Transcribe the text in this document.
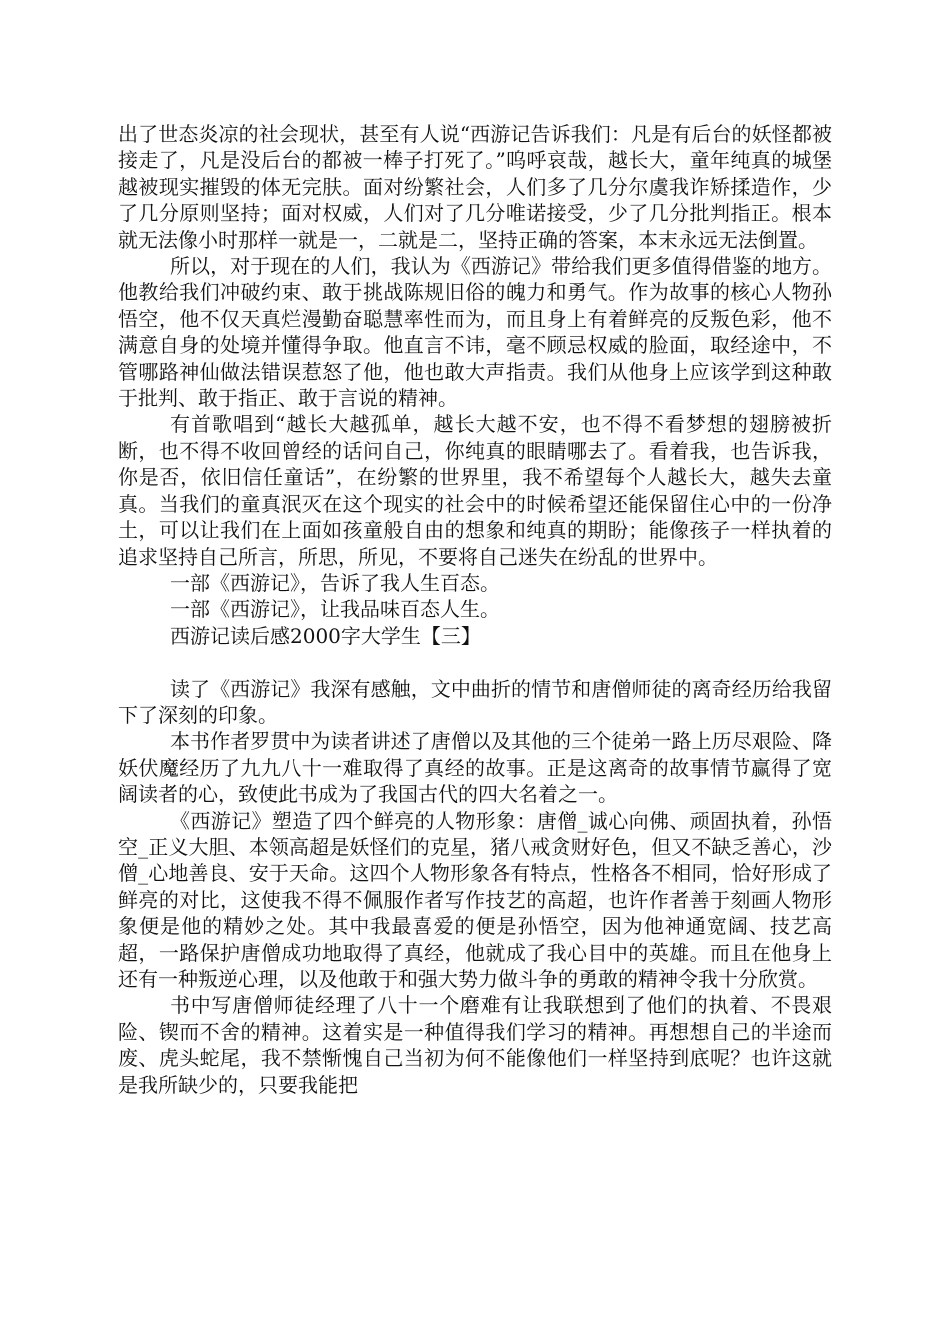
出了世态炎凉的社会现状，甚至有人说“西游记告诉我们：凡是有后台的妖怪都被接走了，凡是没后台的都被一棒子打死了。”呜呼哀哉，越长大，童年纯真的城堡越被现实摧毁的体无完肤。面对纷繁社会，人们多了几分尔虞我诈矫揉造作，少了几分原则坚持；面对权威，人们对了几分唯诺接受，少了几分批判指正。根本就无法像小时那样一就是一，二就是二，坚持正确的答案，本末永远无法倒置。

所以，对于现在的人们，我认为《西游记》带给我们更多值得借鉴的地方。他教给我们冲破约束、敢于挑战陈规旧俗的魄力和勇气。作为故事的核心人物孙悟空，他不仅天真烂漫勤奋聪慧率性而为，而且身上有着鲜亮的反叛色彩，他不满意自身的处境并懂得争取。他直言不讳，毫不顾忌权威的脸面，取经途中，不管哪路神仙做法错误惹怒了他，他也敢大声指责。我们从他身上应该学到这种敢于批判、敢于指正、敢于言说的精神。

有首歌唱到“越长大越孤单，越长大越不安，也不得不看梦想的翅膀被折断，也不得不收回曾经的话问自己，你纯真的眼睛哪去了。看着我，也告诉我，你是否，依旧信任童话”，在纷繁的世界里，我不希望每个人越长大，越失去童真。当我们的童真泯灭在这个现实的社会中的时候希望还能保留住心中的一份净土，可以让我们在上面如孩童般自由的想象和纯真的期盼；能像孩子一样执着的追求坚持自己所言，所思，所见，不要将自己迷失在纷乱的世界中。

一部《西游记》，告诉了我人生百态。

一部《西游记》，让我品味百态人生。

西游记读后感2000字大学生【三】

读了《西游记》我深有感触，文中曲折的情节和唐僧师徒的离奇经历给我留下了深刻的印象。

本书作者罗贯中为读者讲述了唐僧以及其他的三个徒弟一路上历尽艰险、降妖伏魔经历了九九八十一难取得了真经的故事。正是这离奇的故事情节赢得了宽阔读者的心，致使此书成为了我国古代的四大名着之一。

《西游记》塑造了四个鲜亮的人物形象：唐僧_诚心向佛、顽固执着，孙悟空_正义大胆、本领高超是妖怪们的克星，猪八戒贪财好色，但又不缺乏善心，沙僧_心地善良、安于天命。这四个人物形象各有特点，性格各不相同，恰好形成了鲜亮的对比，这使我不得不佩服作者写作技艺的高超，也许作者善于刻画人物形象便是他的精妙之处。其中我最喜爱的便是孙悟空，因为他神通宽阔、技艺高超，一路保护唐僧成功地取得了真经，他就成了我心目中的英雄。而且在他身上还有一种叛逆心理，以及他敢于和强大势力做斗争的勇敢的精神令我十分欣赏。

书中写唐僧师徒经理了八十一个磨难有让我联想到了他们的执着、不畏艰险、锲而不舍的精神。这着实是一种值得我们学习的精神。再想想自己的半途而废、虎头蛇尾，我不禁惭愧自己当初为何不能像他们一样坚持到底呢？也许这就是我所缺少的，只要我能把
